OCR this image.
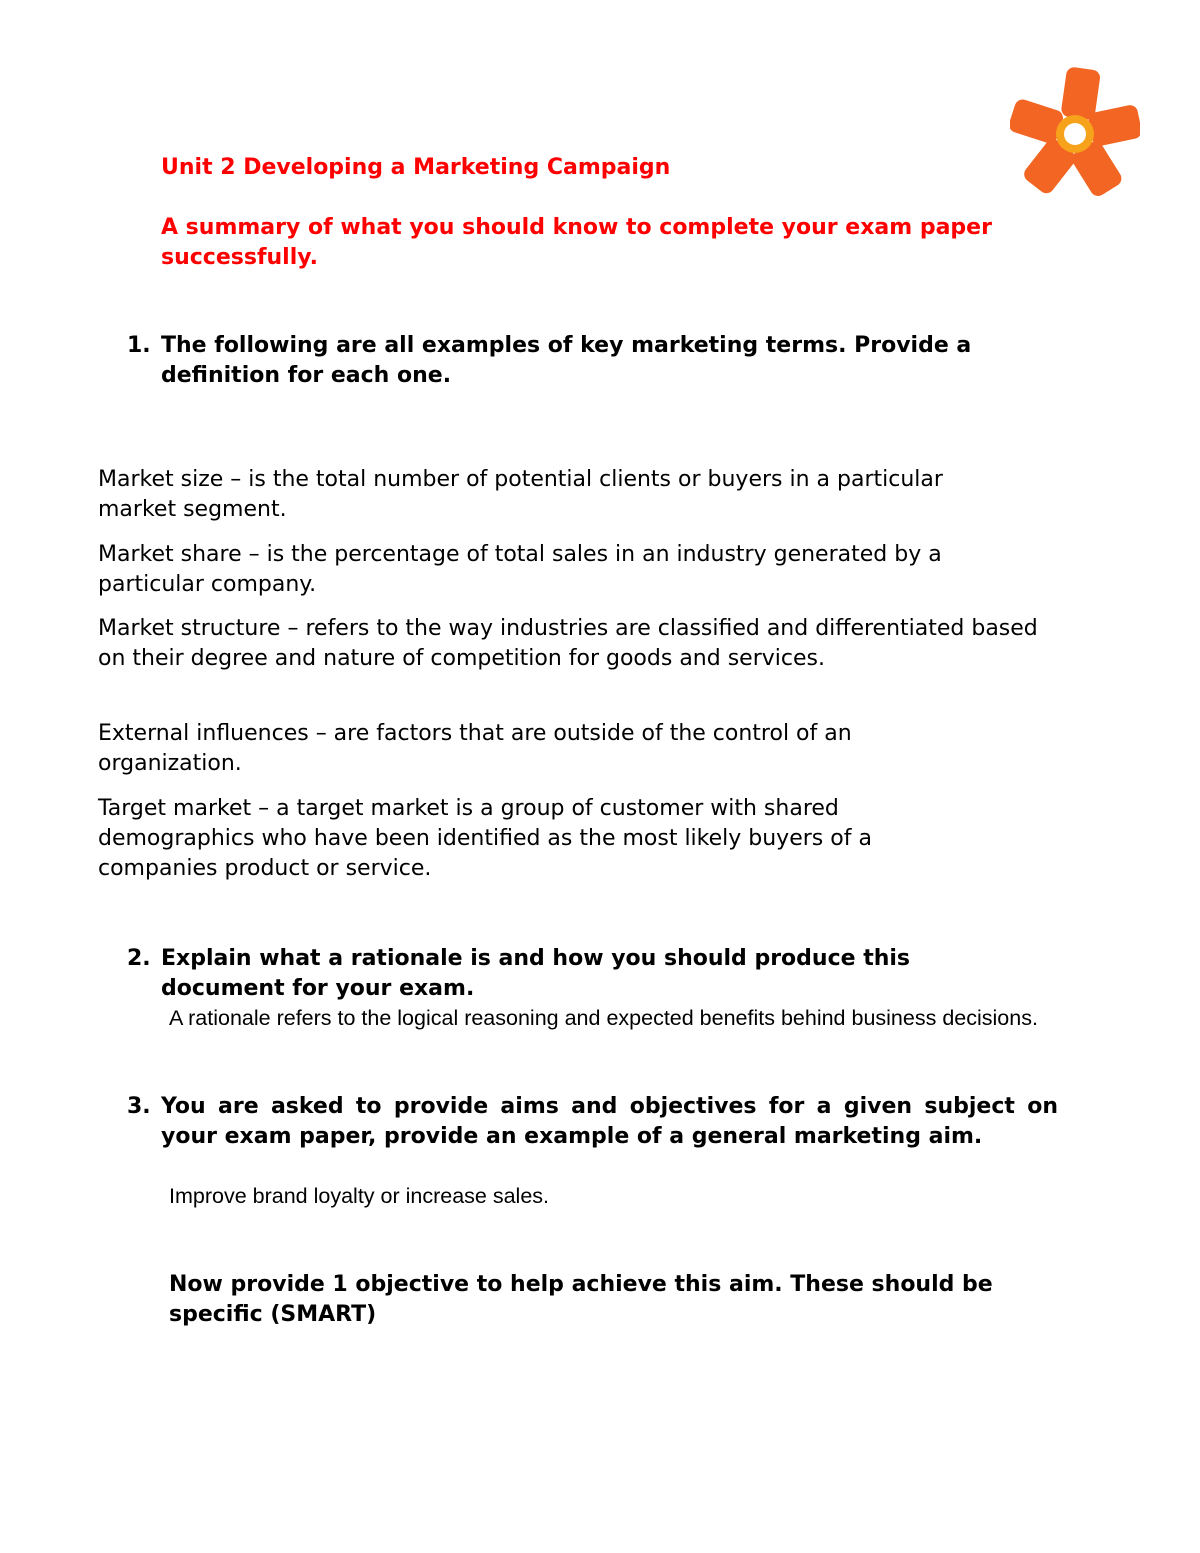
Unit 2 Developing a Marketing Campaign
A summary of what you should know to complete your exam paper successfully.
1. The following are all examples of key marketing terms. Provide a definition for each one.
Market size – is the total number of potential clients or buyers in a particular market segment.
Market share – is the percentage of total sales in an industry generated by a particular company.
Market structure – refers to the way industries are classified and differentiated based on their degree and nature of competition for goods and services.
External influences – are factors that are outside of the control of an organization.
Target market – a target market is a group of customer with shared demographics who have been identified as the most likely buyers of a companies product or service.
2. Explain what a rationale is and how you should produce this document for your exam.
A rationale refers to the logical reasoning and expected benefits behind business decisions.
3. You are asked to provide aims and objectives for a given subject on your exam paper, provide an example of a general marketing aim.
Improve brand loyalty or increase sales.
Now provide 1 objective to help achieve this aim. These should be specific (SMART)
